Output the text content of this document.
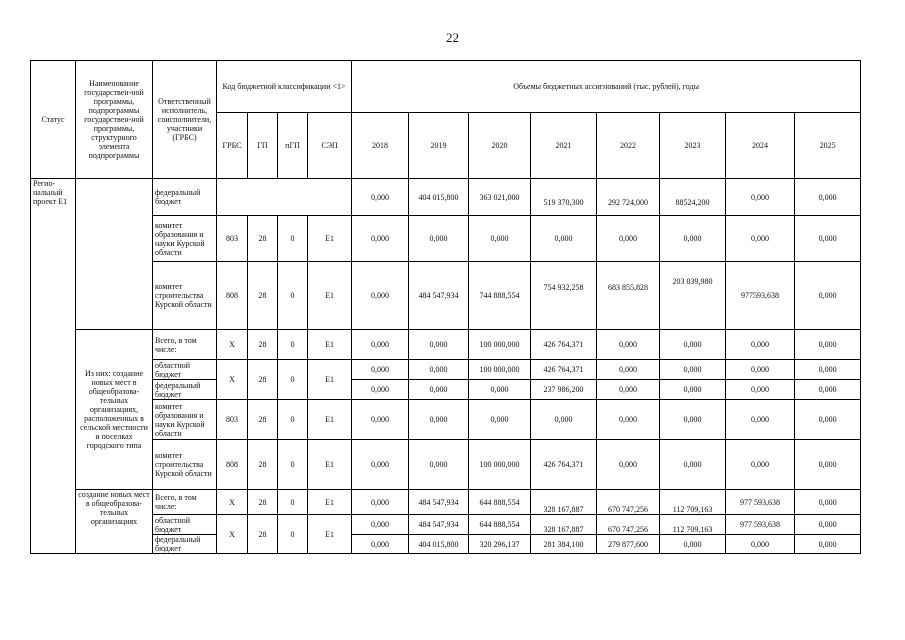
22
Статус	Наименование государствен-ной программы, подпрограммы государствен-ной программы, структурного элемента подпрограммы	Ответственный исполнитель, соисполнители, участники (ГРБС)	Код бюджетной классификации <1>				Объемы бюджетных ассигнований (тыс. рублей), годы							
			ГРБС	ГП	пГП	СЭП	2018	2019	2020	2021	2022	2023	2024	2025
Регио-нальный проект Е1		федеральный бюджет					0,000	404 015,800	363 021,000	519 370,300	292 724,000	88524,200	0,000	0,000
		комитет образования и науки Курской области	803	28	0	Е1	0,000	0,000	0,000	0,000	0,000	0,000	0,000	0,000
		комитет строительства Курской области	808	28	0	Е1	0,000	484 547,934	744 888,554	754 932,258	683 855,828	203 039,980	977593,638	0,000
	Из них: создание новых мест в общеобразова-тельных организациях, расположенных в сельской местности и поселках городского типа	Всего, в том числе:	Х	28	0	Е1	0,000	0,000	100 000,000	426 764,371	0,000	0,000	0,000	0,000
		областной бюджет	Х	28	0	Е1	0,000	0,000	100 000,000	426 764,371	0,000	0,000	0,000	0,000
		федеральный бюджет					0,000	0,000	0,000	237 986,200	0,000	0,000	0,000	0,000
		комитет образования и науки Курской области	803	28	0	Е1	0,000	0,000	0,000	0,000	0,000	0,000	0,000	0,000
		комитет строительства Курской области	808	28	0	Е1	0,000	0,000	100 000,000	426 764,371	0,000	0,000	0,000	0,000
	создание новых мест в общеобразова-тельных организациях	Всего, в том числе:	Х	28	0	Е1	0,000	484 547,934	644 888,554	328 167,887	670 747,256	112 709,163	977 593,638	0,000
		областной бюджет	Х	28	0	Е1	0,000	484 547,934	644 888,554	328 167,887	670 747,256	112 709,163	977 593,638	0,000
		федеральный бюджет					0,000	404 015,800	320 296,137	281 384,100	279 877,600	0,000	0,000	0,000
